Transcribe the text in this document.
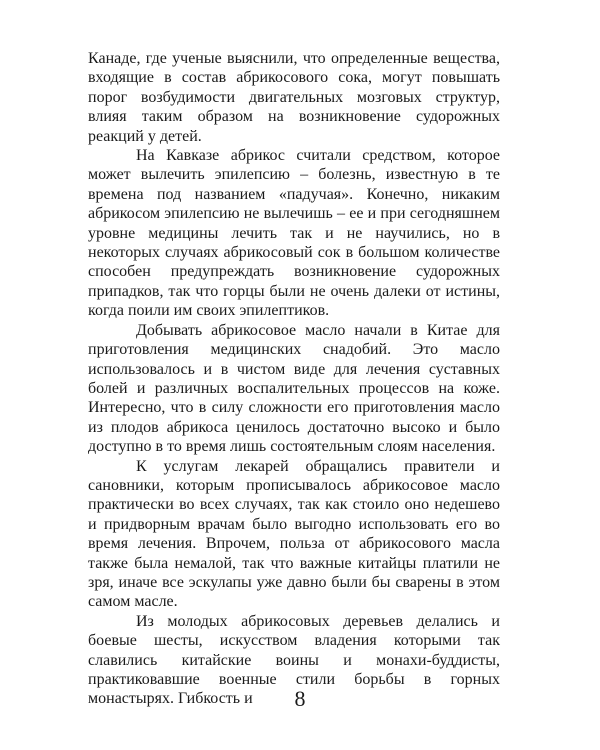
Канаде, где ученые выяснили, что определенные вещества, входящие в состав абрикосового сока, могут повышать порог возбудимости двигательных мозговых структур, влияя таким образом на возникновение судорожных реакций у детей.

На Кавказе абрикос считали средством, которое может вылечить эпилепсию – болезнь, известную в те времена под названием «падучая». Конечно, никаким абрикосом эпилепсию не вылечишь – ее и при сегодняшнем уровне медицины лечить так и не научились, но в некоторых случаях абрикосовый сок в большом количестве способен предупреждать возникновение судорожных припадков, так что горцы были не очень далеки от истины, когда поили им своих эпилептиков.

Добывать абрикосовое масло начали в Китае для приготовления медицинских снадобий. Это масло использовалось и в чистом виде для лечения суставных болей и различных воспалительных процессов на коже. Интересно, что в силу сложности его приготовления масло из плодов абрикоса ценилось достаточно высоко и было доступно в то время лишь состоятельным слоям населения.

К услугам лекарей обращались правители и сановники, которым прописывалось абрикосовое масло практически во всех случаях, так как стоило оно недешево и придворным врачам было выгодно использовать его во время лечения. Впрочем, польза от абрикосового масла также была немалой, так что важные китайцы платили не зря, иначе все эскулапы уже давно были бы сварены в этом самом масле.

Из молодых абрикосовых деревьев делались и боевые шесты, искусством владения которыми так славились китайские воины и монахи-буддисты, практиковавшие военные стили борьбы в горных монастырях. Гибкость и	8
